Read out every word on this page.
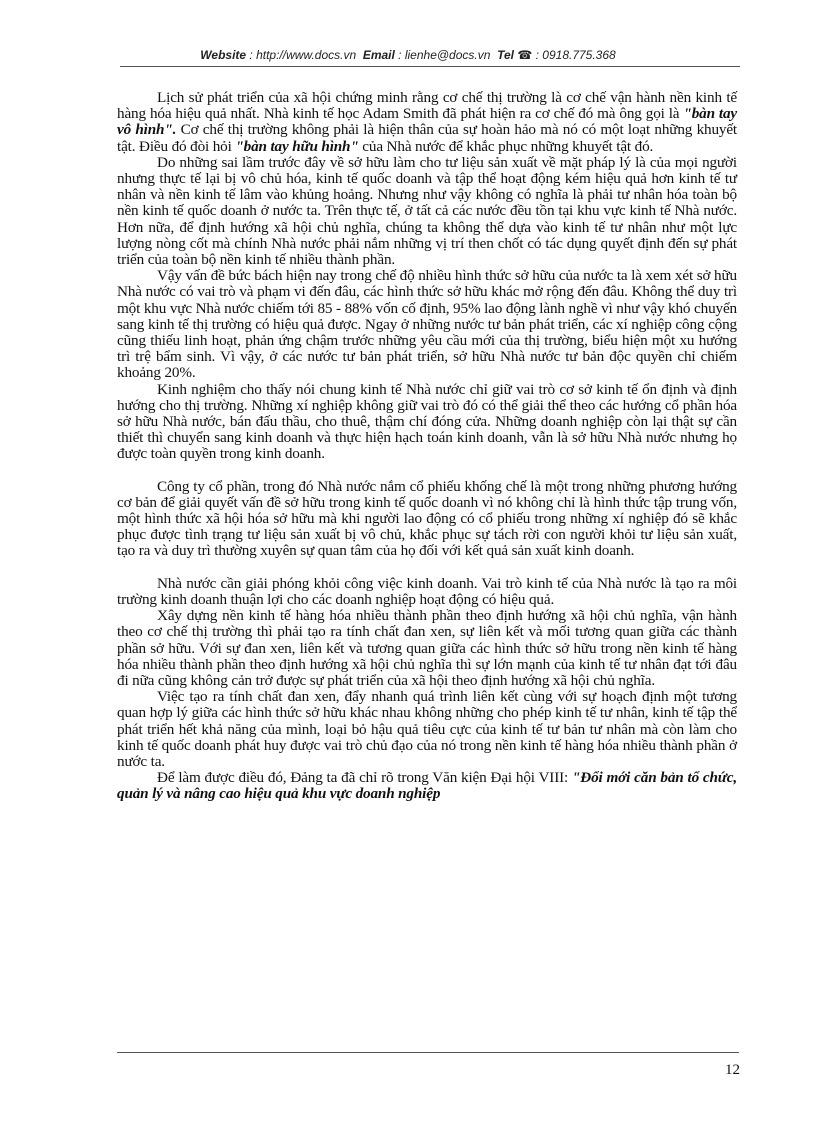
Website : http://www.docs.vn Email : lienhe@docs.vn Tel ☎ : 0918.775.368

Lịch sử phát triển của xã hội chứng minh rằng cơ chế thị trường là cơ chế vận hành nền kinh tế hàng hóa hiệu quả nhất. Nhà kinh tế học Adam Smith đã phát hiện ra cơ chế đó mà ông gọi là "bàn tay vô hình". Cơ chế thị trường không phải là hiện thân của sự hoàn hảo mà nó có một loạt những khuyết tật. Điều đó đòi hỏi "bàn tay hữu hình" của Nhà nước để khắc phục những khuyết tật đó.

Do những sai lầm trước đây về sở hữu làm cho tư liệu sản xuất về mặt pháp lý là của mọi người nhưng thực tế lại bị vô chủ hóa, kinh tế quốc doanh và tập thể hoạt động kém hiệu quả hơn kinh tế tư nhân và nền kinh tế lâm vào khủng hoảng. Nhưng như vậy không có nghĩa là phải tư nhân hóa toàn bộ nền kinh tế quốc doanh ở nước ta. Trên thực tế, ở tất cả các nước đều tồn tại khu vực kinh tế Nhà nước. Hơn nữa, để định hướng xã hội chủ nghĩa, chúng ta không thể dựa vào kinh tế tư nhân như một lực lượng nòng cốt mà chính Nhà nước phải nắm những vị trí then chốt có tác dụng quyết định đến sự phát triển của toàn bộ nền kinh tế nhiều thành phần.

Vậy vấn đề bức bách hiện nay trong chế độ nhiều hình thức sở hữu của nước ta là xem xét sở hữu Nhà nước có vai trò và phạm vi đến đâu, các hình thức sở hữu khác mở rộng đến đâu. Không thể duy trì một khu vực Nhà nước chiếm tới 85 - 88% vốn cố định, 95% lao động lành nghề vì như vậy khó chuyển sang kinh tế thị trường có hiệu quả được. Ngay ở những nước tư bản phát triển, các xí nghiệp công cộng cũng thiếu linh hoạt, phản ứng chậm trước những yêu cầu mới của thị trường, biểu hiện một xu hướng trì trệ bẩm sinh. Vì vậy, ở các nước tư bản phát triển, sở hữu Nhà nước tư bản độc quyền chỉ chiếm khoảng 20%.

Kinh nghiệm cho thấy nói chung kinh tế Nhà nước chỉ giữ vai trò cơ sở kinh tế ổn định và định hướng cho thị trường. Những xí nghiệp không giữ vai trò đó có thể giải thể theo các hướng cổ phần hóa sở hữu Nhà nước, bán đấu thầu, cho thuê, thậm chí đóng cửa. Những doanh nghiệp còn lại thật sự cần thiết thì chuyển sang kinh doanh và thực hiện hạch toán kinh doanh, vẫn là sở hữu Nhà nước nhưng họ được toàn quyền trong kinh doanh.

Công ty cổ phần, trong đó Nhà nước nắm cổ phiếu khống chế là một trong những phương hướng cơ bản để giải quyết vấn đề sở hữu trong kinh tế quốc doanh vì nó không chỉ là hình thức tập trung vốn, một hình thức xã hội hóa sở hữu mà khi người lao động có cổ phiếu trong những xí nghiệp đó sẽ khắc phục được tình trạng tư liệu sản xuất bị vô chủ, khắc phục sự tách rời con người khỏi tư liệu sản xuất, tạo ra và duy trì thường xuyên sự quan tâm của họ đối với kết quả sản xuất kinh doanh.

Nhà nước cần giải phóng khỏi công việc kinh doanh. Vai trò kinh tế của Nhà nước là tạo ra môi trường kinh doanh thuận lợi cho các doanh nghiệp hoạt động có hiệu quả.

Xây dựng nền kinh tế hàng hóa nhiều thành phần theo định hướng xã hội chủ nghĩa, vận hành theo cơ chế thị trường thì phải tạo ra tính chất đan xen, sự liên kết và mối tương quan giữa các thành phần sở hữu. Với sự đan xen, liên kết và tương quan giữa các hình thức sở hữu trong nền kinh tế hàng hóa nhiều thành phần theo định hướng xã hội chủ nghĩa thì sự lớn mạnh của kinh tế tư nhân đạt tới đâu đi nữa cũng không cản trở được sự phát triển của xã hội theo định hướng xã hội chủ nghĩa.

Việc tạo ra tính chất đan xen, đẩy nhanh quá trình liên kết cùng với sự hoạch định một tương quan hợp lý giữa các hình thức sở hữu khác nhau không những cho phép kinh tế tư nhân, kinh tế tập thể phát triển hết khả năng của mình, loại bỏ hậu quả tiêu cực của kinh tế tư bản tư nhân mà còn làm cho kinh tế quốc doanh phát huy được vai trò chủ đạo của nó trong nền kinh tế hàng hóa nhiều thành phần ở nước ta.

Để làm được điều đó, Đảng ta đã chỉ rõ trong Văn kiện Đại hội VIII: "Đổi mới căn bản tổ chức, quản lý và nâng cao hiệu quả khu vực doanh nghiệp

12
